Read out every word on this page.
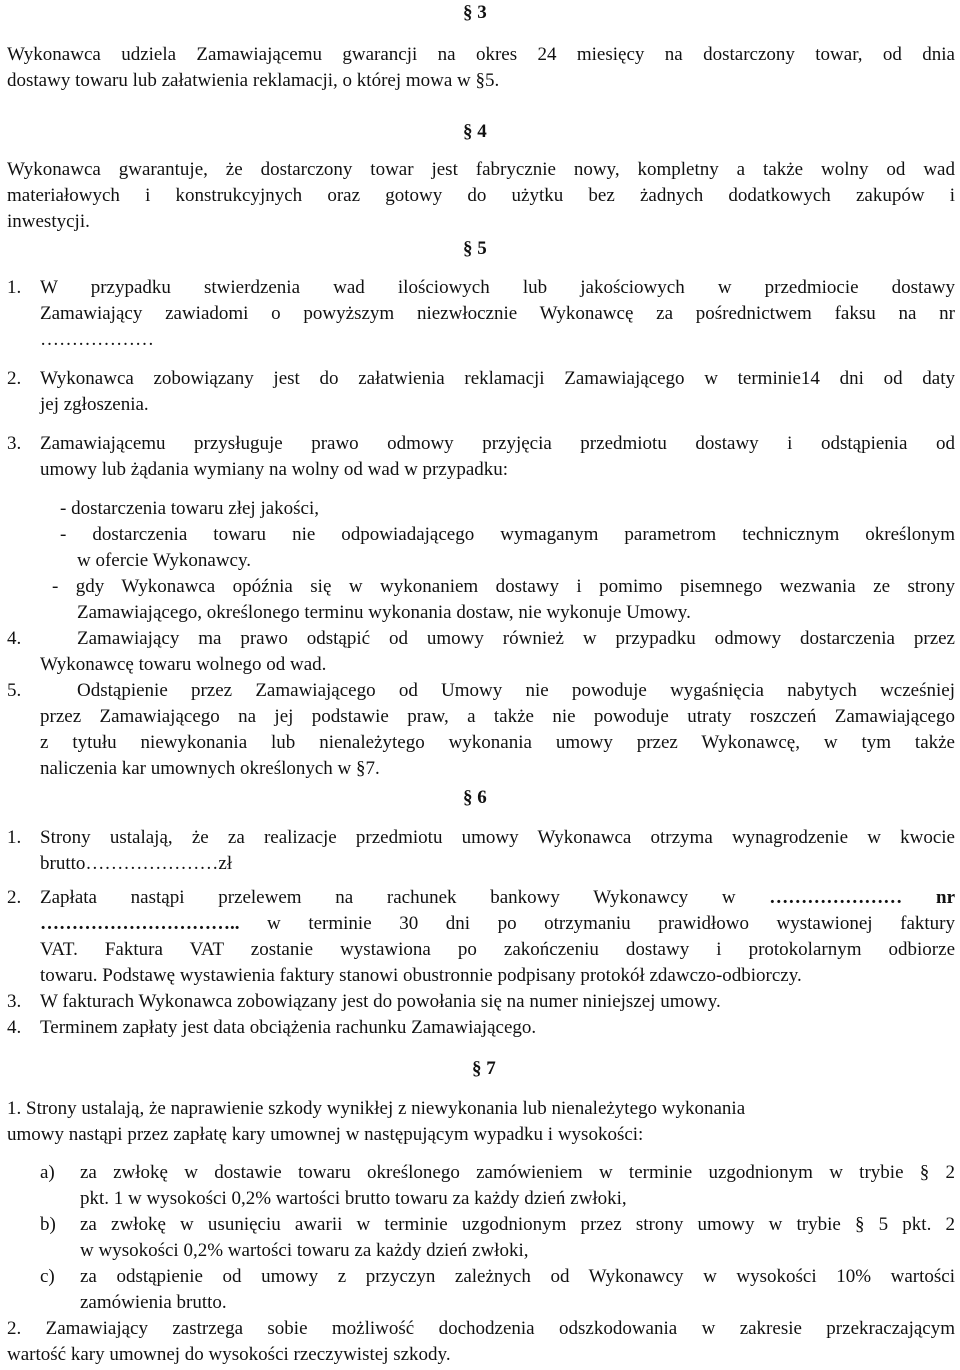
§ 3
Wykonawca udziela Zamawiającemu gwarancji na okres 24 miesięcy na dostarczony towar, od dnia
dostawy towaru lub załatwienia reklamacji, o której mowa w §5.
§ 4
Wykonawca gwarantuje, że dostarczony towar jest fabrycznie nowy, kompletny a także wolny od wad
materiałowych i konstrukcyjnych oraz gotowy do użytku bez żadnych dodatkowych zakupów i
inwestycji.
§ 5
1. W przypadku stwierdzenia wad ilościowych lub jakościowych w przedmiocie dostawy
Zamawiający zawiadomi o powyższym niezwłocznie Wykonawcę za pośrednictwem faksu na nr
………………
2. Wykonawca zobowiązany jest do załatwienia reklamacji Zamawiającego w terminie14 dni od daty
jej zgłoszenia.
3. Zamawiającemu przysługuje prawo odmowy przyjęcia przedmiotu dostawy i odstąpienia od
umowy lub żądania wymiany na wolny od wad w przypadku:
- dostarczenia towaru złej jakości,
- dostarczenia towaru nie odpowiadającego wymaganym parametrom technicznym określonym
w ofercie Wykonawcy.
- gdy Wykonawca opóźnia się w wykonaniem dostawy i pomimo pisemnego wezwania ze strony
Zamawiającego, określonego terminu wykonania dostaw, nie wykonuje Umowy.
4.	Zamawiający ma prawo odstąpić od umowy również w przypadku odmowy dostarczenia przez
Wykonawcę towaru wolnego od wad.
5.	Odstąpienie przez Zamawiającego od Umowy nie powoduje wygaśnięcia nabytych wcześniej
przez Zamawiającego na jej podstawie praw, a także nie powoduje utraty roszczeń Zamawiającego
z tytułu niewykonania lub nienależytego wykonania umowy przez Wykonawcę, w tym także
naliczenia kar umownych określonych w §7.
§ 6
1. Strony ustalają, że za realizacje przedmiotu umowy Wykonawca otrzyma wynagrodzenie w kwocie
brutto…………………zł
2. Zapłata nastąpi przelewem na rachunek bankowy Wykonawcy w ………………… nr
………………………….. w terminie 30 dni po otrzymaniu prawidłowo wystawionej faktury
VAT. Faktura VAT zostanie wystawiona po zakończeniu dostawy i protokolarnym odbiorze
towaru. Podstawę wystawienia faktury stanowi obustronnie podpisany protokół zdawczo-odbiorczy.
3. W fakturach Wykonawca zobowiązany jest do powołania się na numer niniejszej umowy.
4. Terminem zapłaty jest data obciążenia rachunku Zamawiającego.
§ 7
1. Strony ustalają, że naprawienie szkody wynikłej z niewykonania lub nienależytego wykonania
umowy nastąpi przez zapłatę kary umownej w następującym wypadku i wysokości:
a) za zwłokę w dostawie towaru określonego zamówieniem w terminie uzgodnionym w trybie § 2
pkt. 1 w wysokości 0,2% wartości brutto towaru za każdy dzień zwłoki,
b) za zwłokę w usunięciu awarii w terminie uzgodnionym przez strony umowy w trybie § 5 pkt. 2
w wysokości 0,2% wartości towaru za każdy dzień zwłoki,
c) za odstąpienie od umowy z przyczyn zależnych od Wykonawcy w wysokości 10% wartości
zamówienia brutto.
2. Zamawiający zastrzega sobie możliwość dochodzenia odszkodowania w zakresie przekraczającym
wartość kary umownej do wysokości rzeczywistej szkody.
